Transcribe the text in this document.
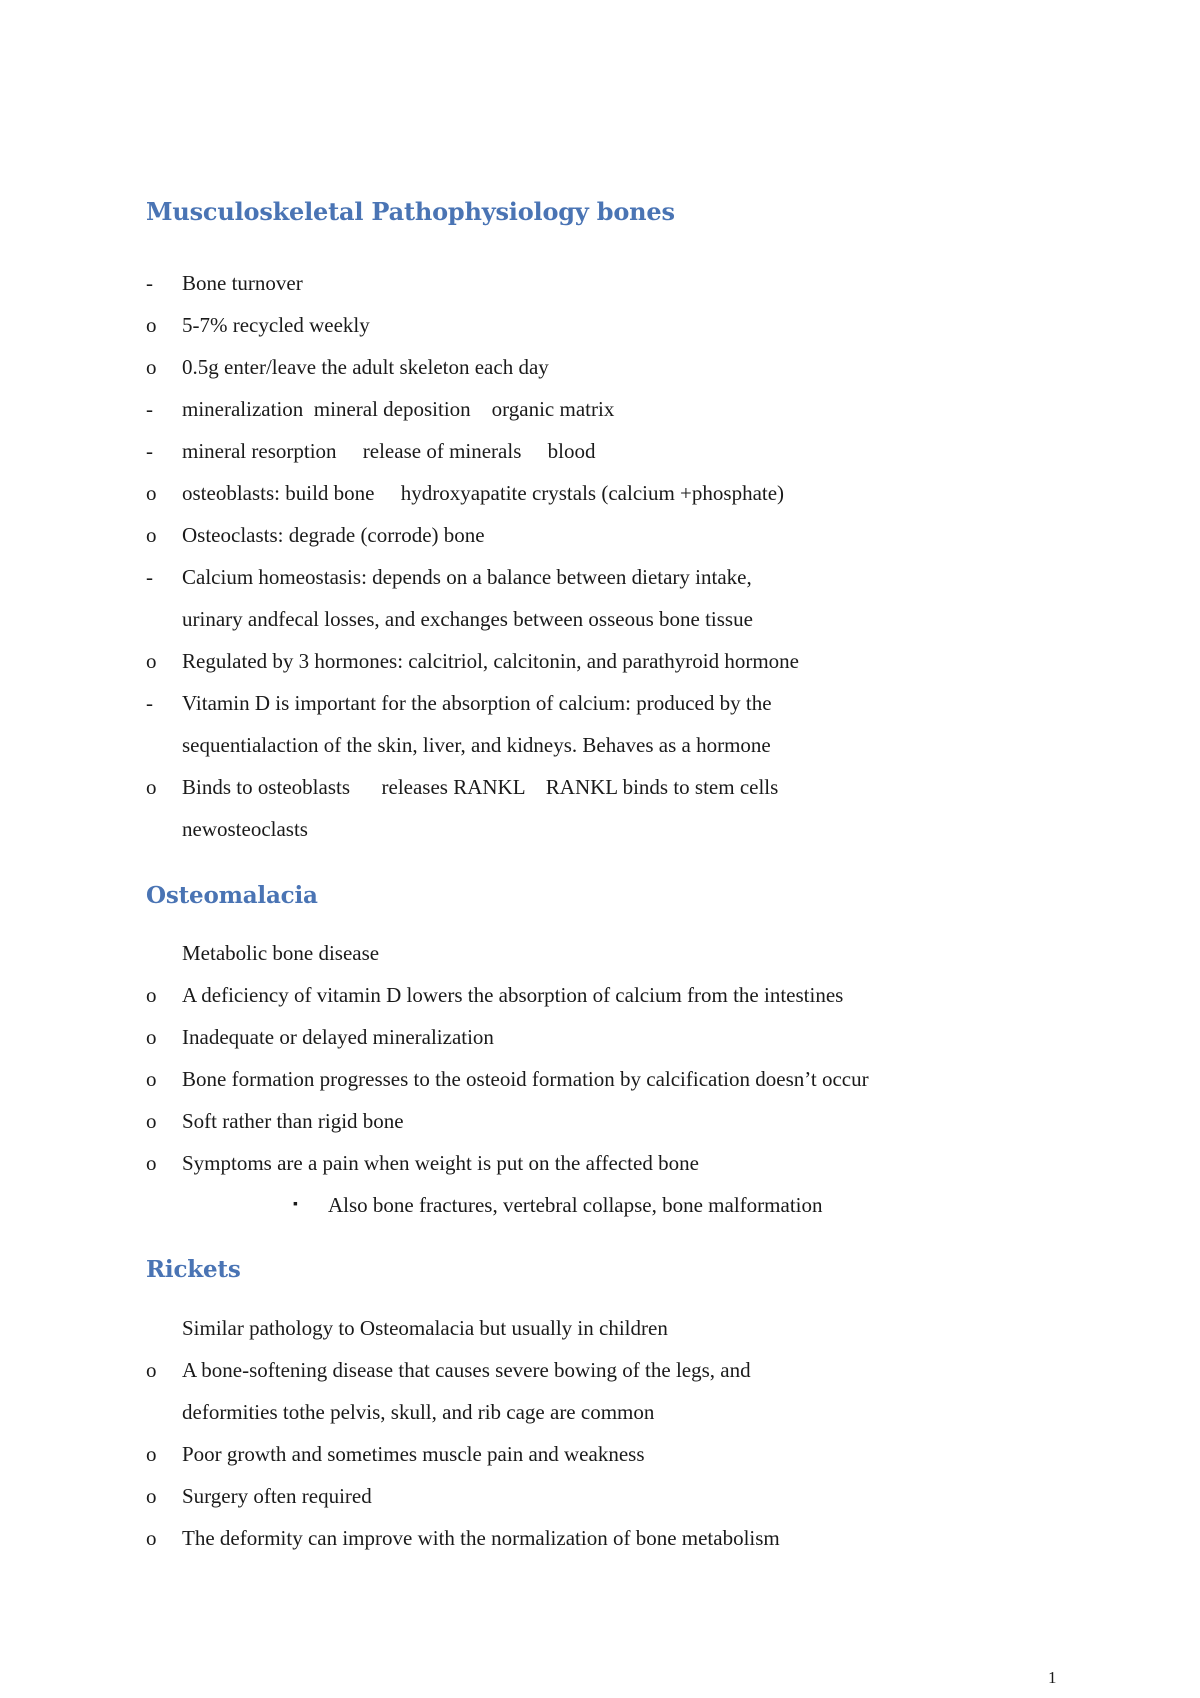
Musculoskeletal Pathophysiology bones
-	Bone turnover
o 5-7% recycled weekly
o 0.5g enter/leave the adult skeleton each day
-	mineralization  mineral deposition    organic matrix
-	mineral resorption     release of minerals     blood
o osteoblasts: build bone     hydroxyapatite crystals (calcium +phosphate)
o Osteoclasts: degrade (corrode) bone
-	Calcium homeostasis: depends on a balance between dietary intake,
urinary andfecal losses, and exchanges between osseous bone tissue
o Regulated by 3 hormones: calcitriol, calcitonin, and parathyroid hormone
-	Vitamin D is important for the absorption of calcium: produced by the
sequentialaction of the skin, liver, and kidneys. Behaves as a hormone
o Binds to osteoblasts      releases RANKL    RANKL binds to stem cells
newosteoclasts
Osteomalacia
Metabolic bone disease
o A deficiency of vitamin D lowers the absorption of calcium from the intestines
o Inadequate or delayed mineralization
o Bone formation progresses to the osteoid formation by calcification doesn’t occur
o Soft rather than rigid bone
o Symptoms are a pain when weight is put on the affected bone
▪ Also bone fractures, vertebral collapse, bone malformation
Rickets
Similar pathology to Osteomalacia but usually in children
o A bone-softening disease that causes severe bowing of the legs, and
deformities tothe pelvis, skull, and rib cage are common
o Poor growth and sometimes muscle pain and weakness
o Surgery often required
o The deformity can improve with the normalization of bone metabolism
1
